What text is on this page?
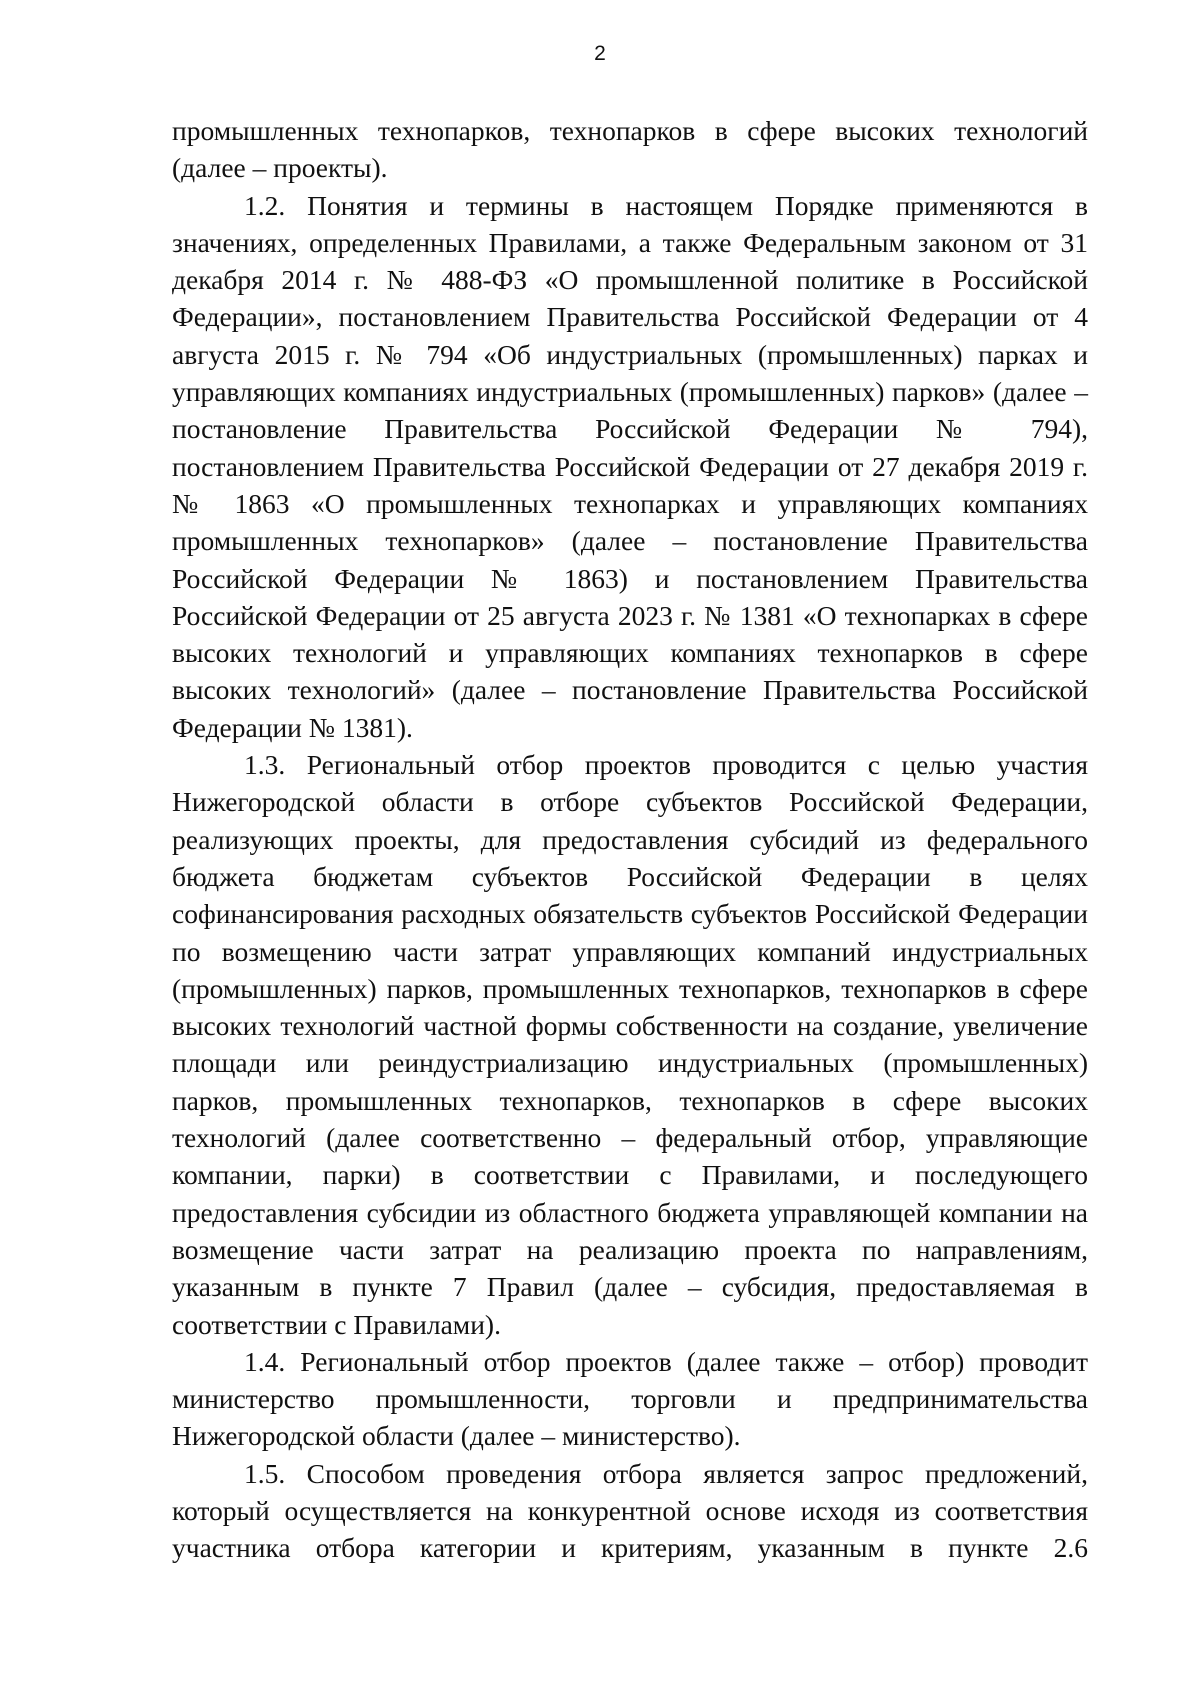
2

промышленных технопарков, технопарков в сфере высоких технологий (далее – проекты).

1.2. Понятия и термины в настоящем Порядке применяются в значениях, определенных Правилами, а также Федеральным законом от 31 декабря 2014 г. № 488-ФЗ «О промышленной политике в Российской Федерации», постановлением Правительства Российской Федерации от 4 августа 2015 г. № 794 «Об индустриальных (промышленных) парках и управляющих компаниях индустриальных (промышленных) парков» (далее – постановление Правительства Российской Федерации № 794), постановлением Правительства Российской Федерации от 27 декабря 2019 г. № 1863 «О промышленных технопарках и управляющих компаниях промышленных технопарков» (далее – постановление Правительства Российской Федерации № 1863) и постановлением Правительства Российской Федерации от 25 августа 2023 г. № 1381 «О технопарках в сфере высоких технологий и управляющих компаниях технопарков в сфере высоких технологий» (далее – постановление Правительства Российской Федерации № 1381).

1.3. Региональный отбор проектов проводится с целью участия Нижегородской области в отборе субъектов Российской Федерации, реализующих проекты, для предоставления субсидий из федерального бюджета бюджетам субъектов Российской Федерации в целях софинансирования расходных обязательств субъектов Российской Федерации по возмещению части затрат управляющих компаний индустриальных (промышленных) парков, промышленных технопарков, технопарков в сфере высоких технологий частной формы собственности на создание, увеличение площади или реиндустриализацию индустриальных (промышленных) парков, промышленных технопарков, технопарков в сфере высоких технологий (далее соответственно – федеральный отбор, управляющие компании, парки) в соответствии с Правилами, и последующего предоставления субсидии из областного бюджета управляющей компании на возмещение части затрат на реализацию проекта по направлениям, указанным в пункте 7 Правил (далее – субсидия, предоставляемая в соответствии с Правилами).

1.4. Региональный отбор проектов (далее также – отбор) проводит министерство промышленности, торговли и предпринимательства Нижегородской области (далее – министерство).

1.5. Способом проведения отбора является запрос предложений, который осуществляется на конкурентной основе исходя из соответствия участника отбора категории и критериям, указанным в пункте 2.6
